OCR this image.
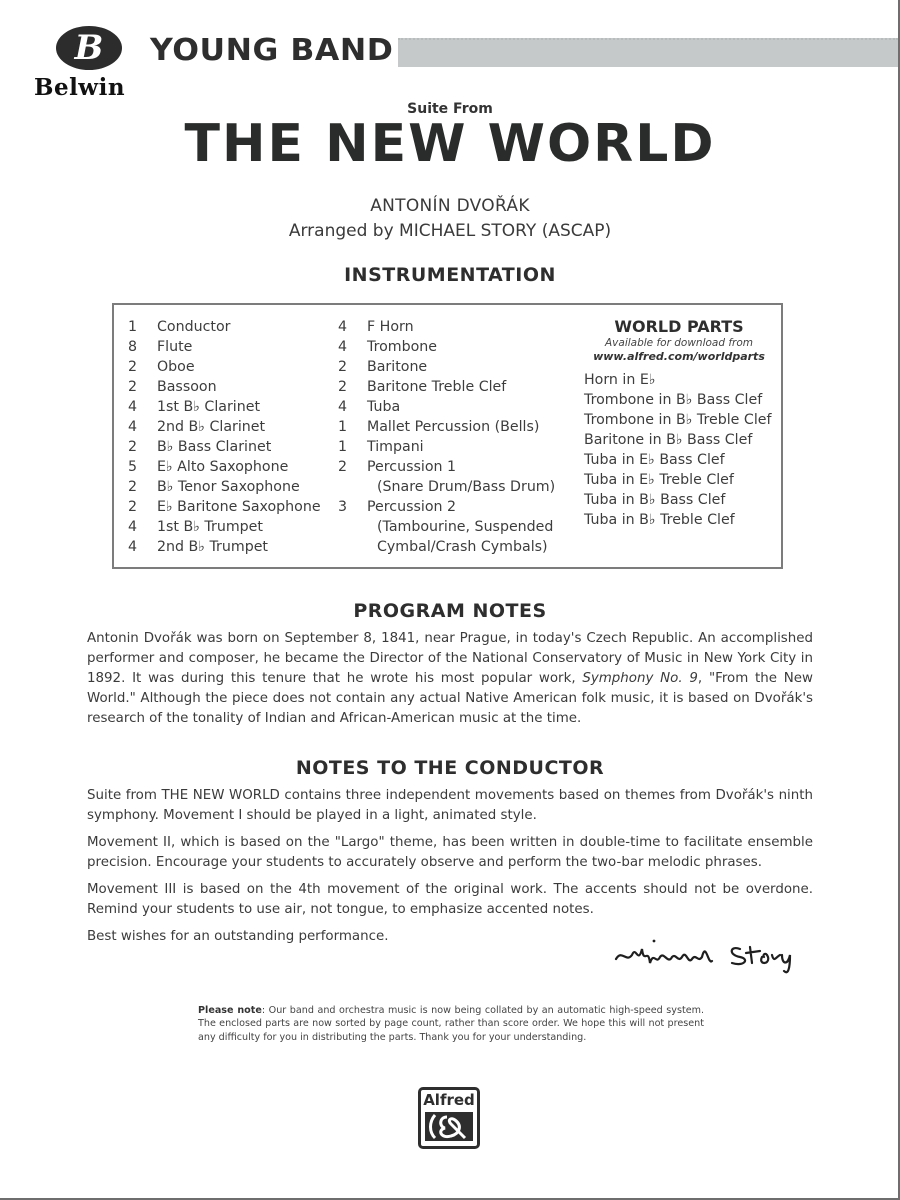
B
Belwin
YOUNG BAND
Suite From
THE NEW WORLD
ANTONÍN DVOŘÁK
Arranged by MICHAEL STORY (ASCAP)
INSTRUMENTATION
1	Conductor
8	Flute
2	Oboe
2	Bassoon
4	1st B♭ Clarinet
4	2nd B♭ Clarinet
2	B♭ Bass Clarinet
5	E♭ Alto Saxophone
2	B♭ Tenor Saxophone
2	E♭ Baritone Saxophone
4	1st B♭ Trumpet
4	2nd B♭ Trumpet
4	F Horn
4	Trombone
2	Baritone
2	Baritone Treble Clef
4	Tuba
1	Mallet Percussion (Bells)
1	Timpani
2	Percussion 1
(Snare Drum/Bass Drum)
3	Percussion 2
(Tambourine, Suspended
Cymbal/Crash Cymbals)
WORLD PARTS
Available for download from
www.alfred.com/worldparts
Horn in E♭
Trombone in B♭ Bass Clef
Trombone in B♭ Treble Clef
Baritone in B♭ Bass Clef
Tuba in E♭ Bass Clef
Tuba in E♭ Treble Clef
Tuba in B♭ Bass Clef
Tuba in B♭ Treble Clef
PROGRAM NOTES
Antonin Dvořák was born on September 8, 1841, near Prague, in today's Czech Republic. An accomplished performer and composer, he became the Director of the National Conservatory of Music in New York City in 1892. It was during this tenure that he wrote his most popular work, Symphony No. 9, "From the New World." Although the piece does not contain any actual Native American folk music, it is based on Dvořák's research of the tonality of Indian and African-American music at the time.
NOTES TO THE CONDUCTOR

Suite from THE NEW WORLD contains three independent movements based on themes from Dvořák's ninth symphony. Movement I should be played in a light, animated style.

Movement II, which is based on the "Largo" theme, has been written in double-time to facilitate ensemble precision. Encourage your students to accurately observe and perform the two-bar melodic phrases.

Movement III is based on the 4th movement of the original work. The accents should not be overdone. Remind your students to use air, not tongue, to emphasize accented notes.

Best wishes for an outstanding performance.

Please note: Our band and orchestra music is now being collated by an automatic high-speed system. The enclosed parts are now sorted by page count, rather than score order. We hope this will not present any difficulty for you in distributing the parts. Thank you for your understanding.
Alfred
